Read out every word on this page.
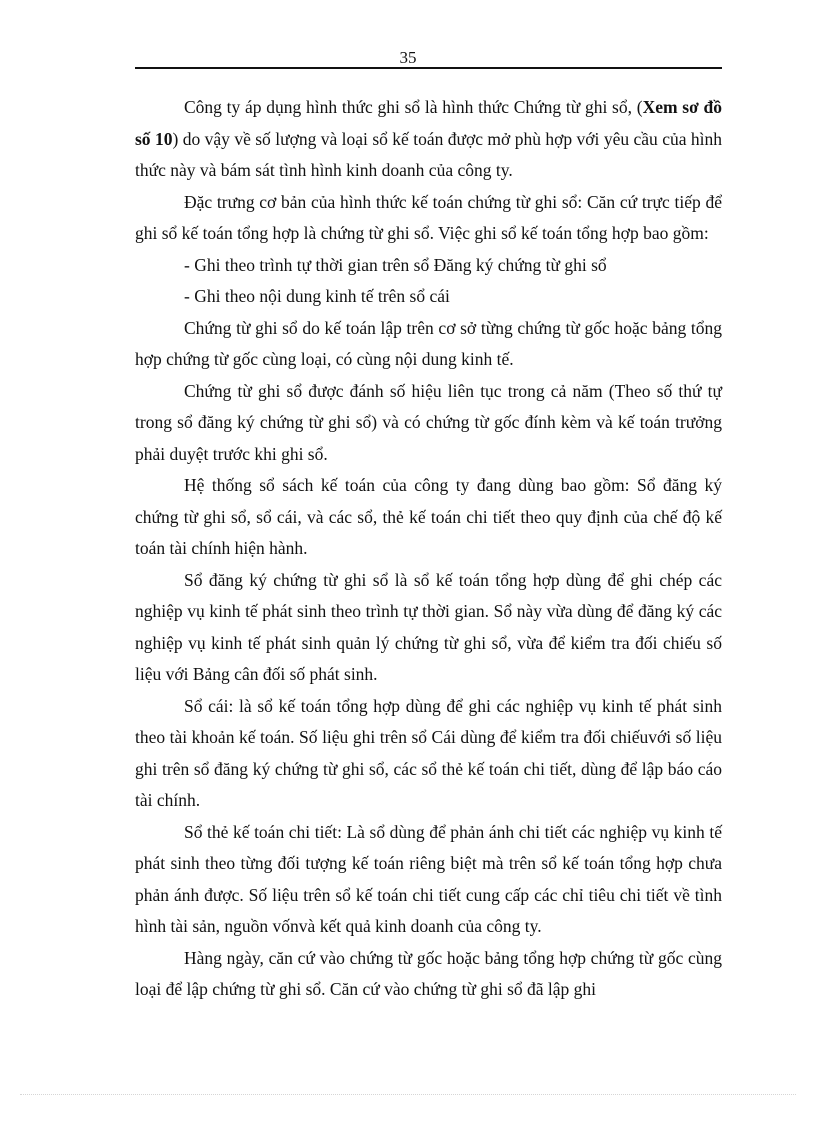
35

Công ty áp dụng hình thức ghi sổ là hình thức Chứng từ ghi sổ, (Xem sơ đồ số 10) do vậy về số lượng và loại sổ kế toán được mở phù hợp với yêu cầu của hình thức này và bám sát tình hình kinh doanh của công ty.

Đặc trưng cơ bản của hình thức kế toán chứng từ ghi sổ: Căn cứ trực tiếp để ghi sổ kế toán tổng hợp là chứng từ ghi sổ. Việc ghi sổ kế toán tổng hợp bao gồm:

- Ghi theo trình tự thời gian trên sổ Đăng ký chứng từ ghi sổ

- Ghi theo nội dung kinh tế trên sổ cái

Chứng từ ghi sổ do kế toán lập trên cơ sở từng chứng từ gốc hoặc bảng tổng hợp chứng từ gốc cùng loại, có cùng nội dung kinh tế.

Chứng từ ghi sổ được đánh số hiệu liên tục trong cả năm (Theo số thứ tự trong sổ đăng ký chứng từ ghi sổ) và có chứng từ gốc đính kèm và kế toán trưởng phải duyệt trước khi ghi sổ.

Hệ thống sổ sách kế toán của công ty đang dùng bao gồm: Sổ đăng ký chứng từ ghi sổ, sổ cái, và các sổ, thẻ kế toán chi tiết theo quy định của chế độ kế toán tài chính hiện hành.

Sổ đăng ký chứng từ ghi sổ là sổ kế toán tổng hợp dùng để ghi chép các nghiệp vụ kinh tế phát sinh theo trình tự thời gian. Sổ này vừa dùng để đăng ký các nghiệp vụ kinh tế phát sinh quản lý chứng từ ghi sổ, vừa để kiểm tra đối chiếu số liệu với Bảng cân đối số phát sinh.

Sổ cái: là sổ kế toán tổng hợp dùng để ghi các nghiệp vụ kinh tế phát sinh theo tài khoản kế toán. Số liệu ghi trên sổ Cái dùng để kiểm tra đối chiếuvới số liệu ghi trên sổ đăng ký chứng từ ghi sổ, các sổ thẻ kế toán chi tiết, dùng để lập báo cáo tài chính.

Sổ thẻ kế toán chi tiết: Là sổ dùng để phản ánh chi tiết các nghiệp vụ kinh tế phát sinh theo từng đối tượng kế toán riêng biệt mà trên sổ kế toán tổng hợp chưa phản ánh được. Số liệu trên sổ kế toán chi tiết cung cấp các chỉ tiêu chi tiết về tình hình tài sản, nguồn vốnvà kết quả kinh doanh của công ty.

Hàng ngày, căn cứ vào chứng từ gốc hoặc bảng tổng hợp chứng từ gốc cùng loại để lập chứng từ ghi sổ. Căn cứ vào chứng từ ghi sổ đã lập ghi
